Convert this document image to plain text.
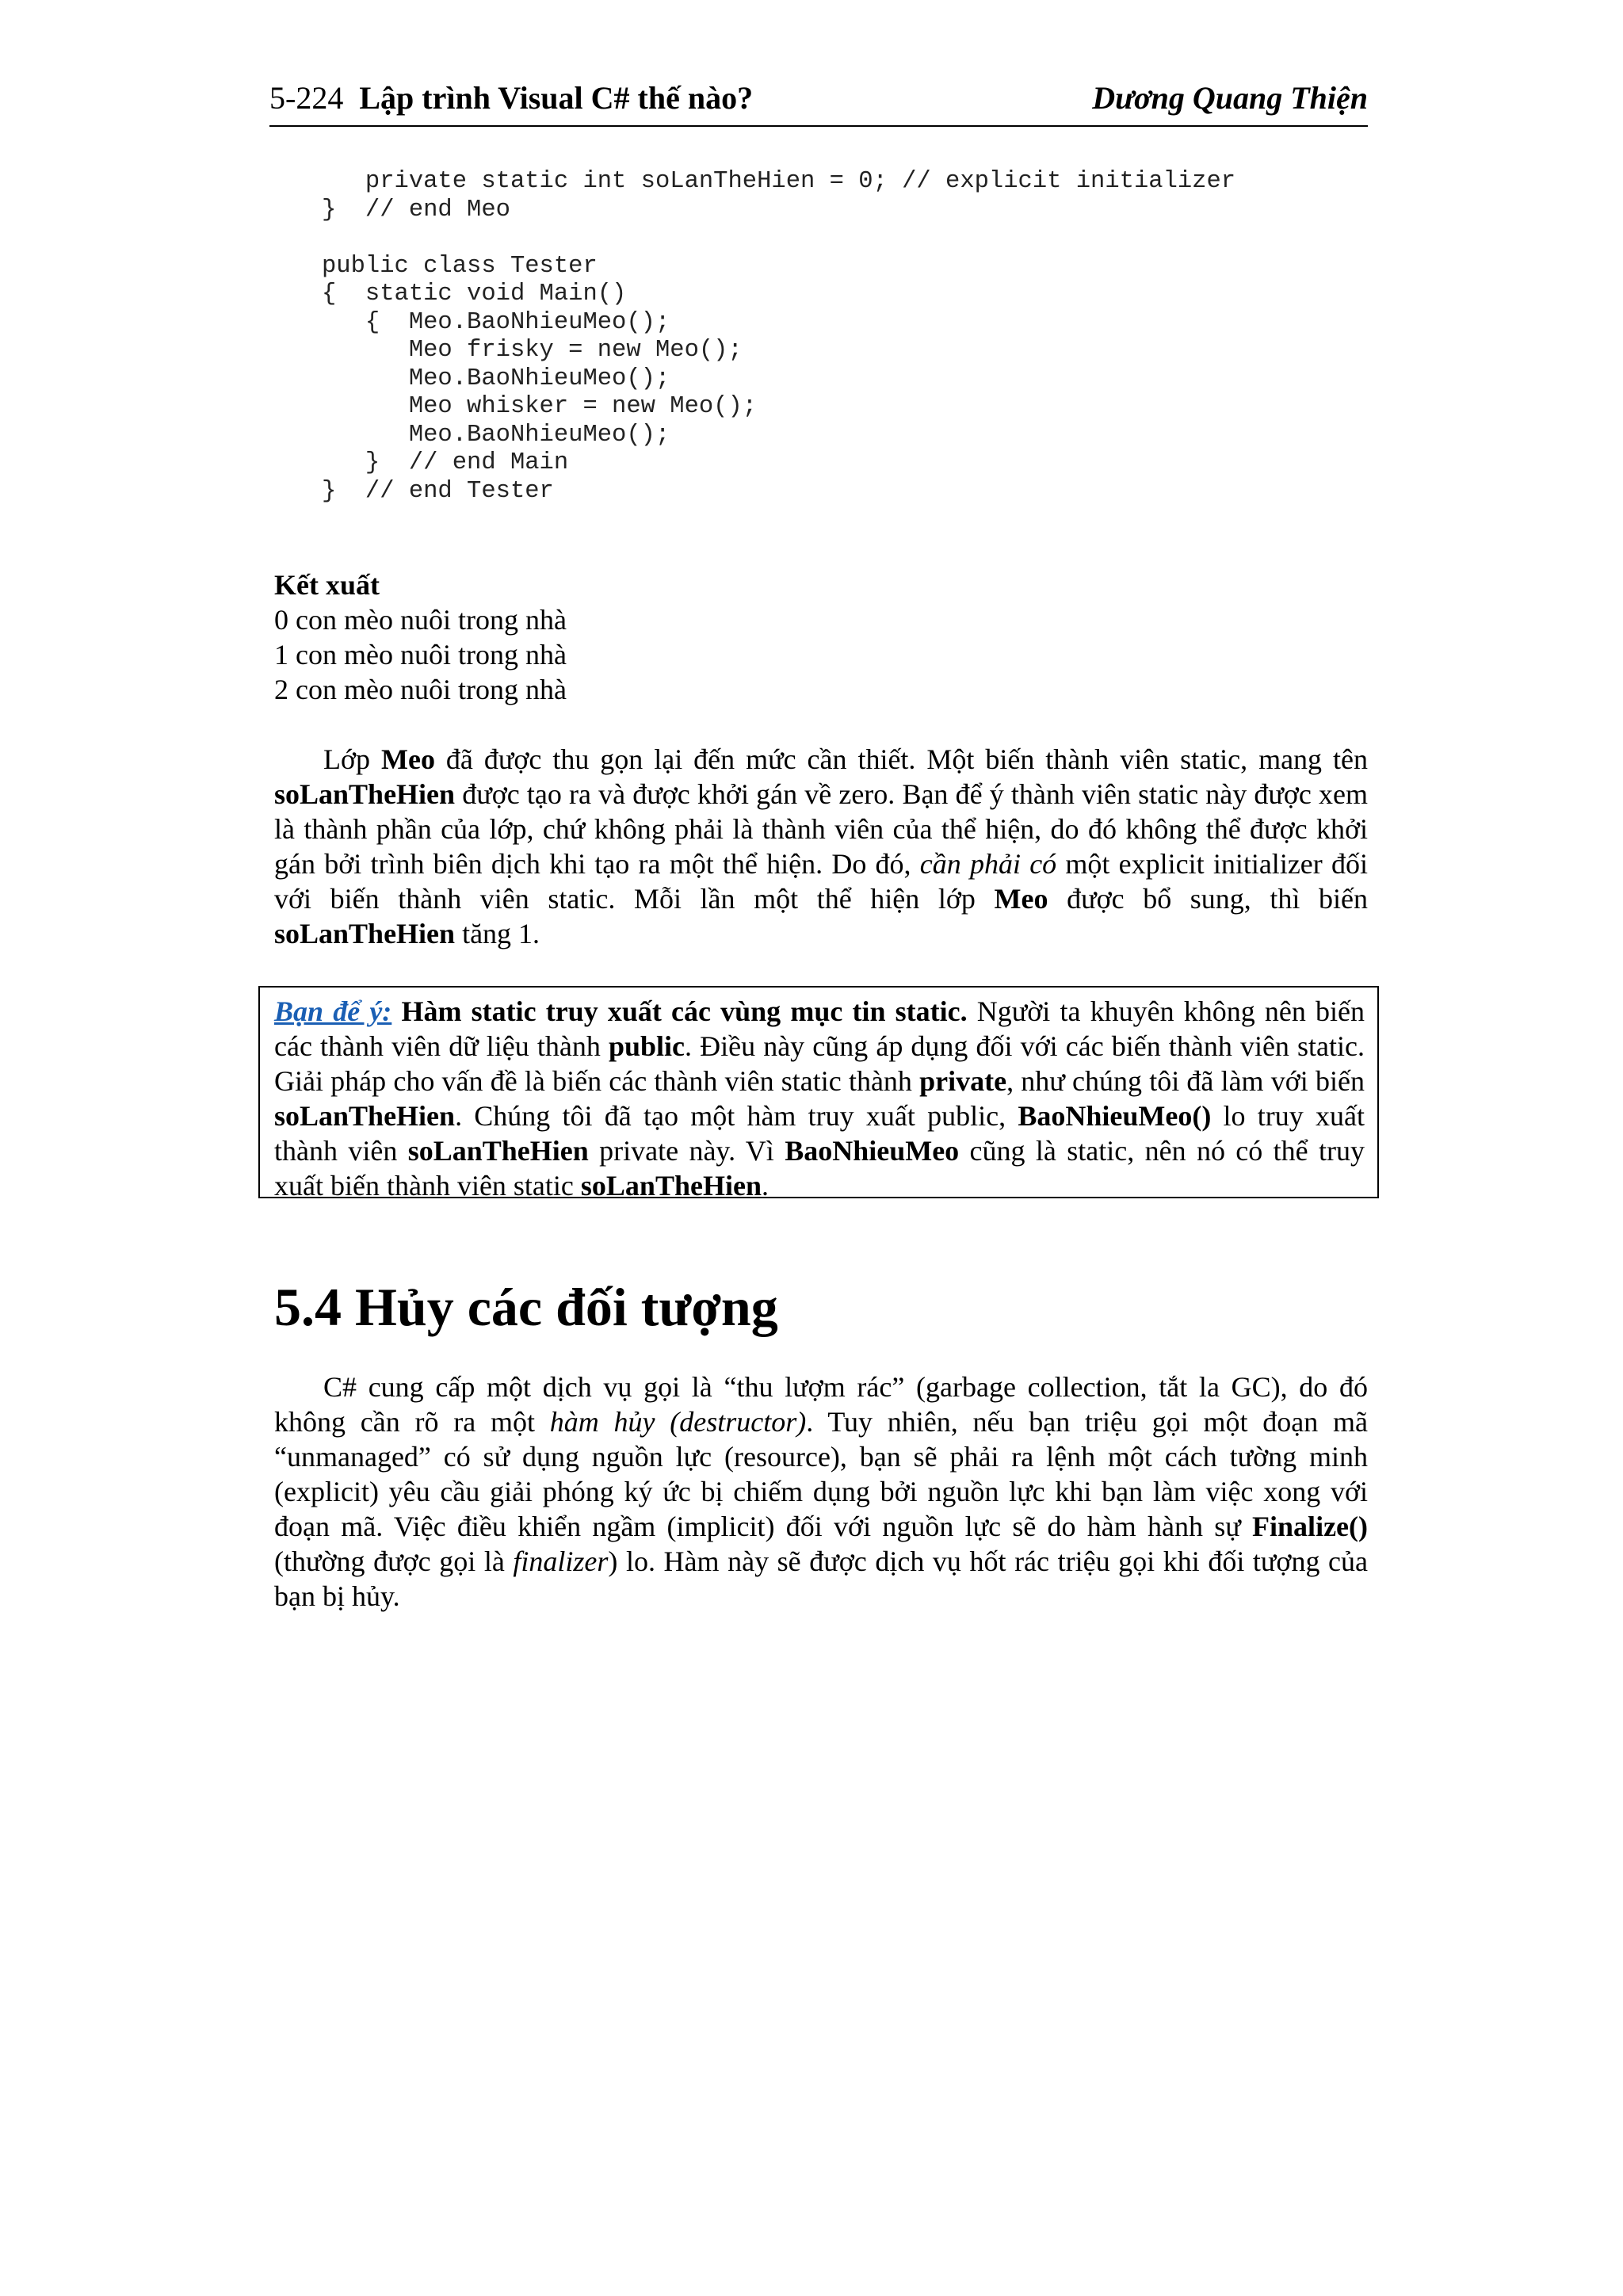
5-224 Lập trình Visual C# thế nào?	Dương Quang Thiện
private static int soLanTheHien = 0; // explicit initializer
}  // end Meo

public class Tester
{  static void Main()
{  Meo.BaoNhieuMeo();
Meo frisky = new Meo();
Meo.BaoNhieuMeo();
Meo whisker = new Meo();
Meo.BaoNhieuMeo();
}  // end Main
}  // end Tester
Kết xuất
0 con mèo nuôi trong nhà
1 con mèo nuôi trong nhà
2 con mèo nuôi trong nhà
Lớp Meo đã được thu gọn lại đến mức cần thiết. Một biến thành viên static, mang tên soLanTheHien được tạo ra và được khởi gán về zero. Bạn để ý thành viên static này được xem là thành phần của lớp, chứ không phải là thành viên của thể hiện, do đó không thể được khởi gán bởi trình biên dịch khi tạo ra một thể hiện. Do đó, cần phải có một explicit initializer đối với biến thành viên static. Mỗi lần một thể hiện lớp Meo được bổ sung, thì biến soLanTheHien tăng 1.
Bạn để ý: Hàm static truy xuất các vùng mục tin static. Người ta khuyên không nên biến các thành viên dữ liệu thành public. Điều này cũng áp dụng đối với các biến thành viên static. Giải pháp cho vấn đề là biến các thành viên static thành private, như chúng tôi đã làm với biến soLanTheHien. Chúng tôi đã tạo một hàm truy xuất public, BaoNhieuMeo() lo truy xuất thành viên soLanTheHien private này. Vì BaoNhieuMeo cũng là static, nên nó có thể truy xuất biến thành viên static soLanTheHien.
5.4 Hủy các đối tượng
C# cung cấp một dịch vụ gọi là “thu lượm rác” (garbage collection, tắt la GC), do đó không cần rõ ra một hàm hủy (destructor). Tuy nhiên, nếu bạn triệu gọi một đoạn mã “unmanaged” có sử dụng nguồn lực (resource), bạn sẽ phải ra lệnh một cách tường minh (explicit) yêu cầu giải phóng ký ức bị chiếm dụng bởi nguồn lực khi bạn làm việc xong với đoạn mã. Việc điều khiển ngầm (implicit) đối với nguồn lực sẽ do hàm hành sự Finalize() (thường được gọi là finalizer) lo. Hàm này sẽ được dịch vụ hốt rác triệu gọi khi đối tượng của bạn bị hủy.
